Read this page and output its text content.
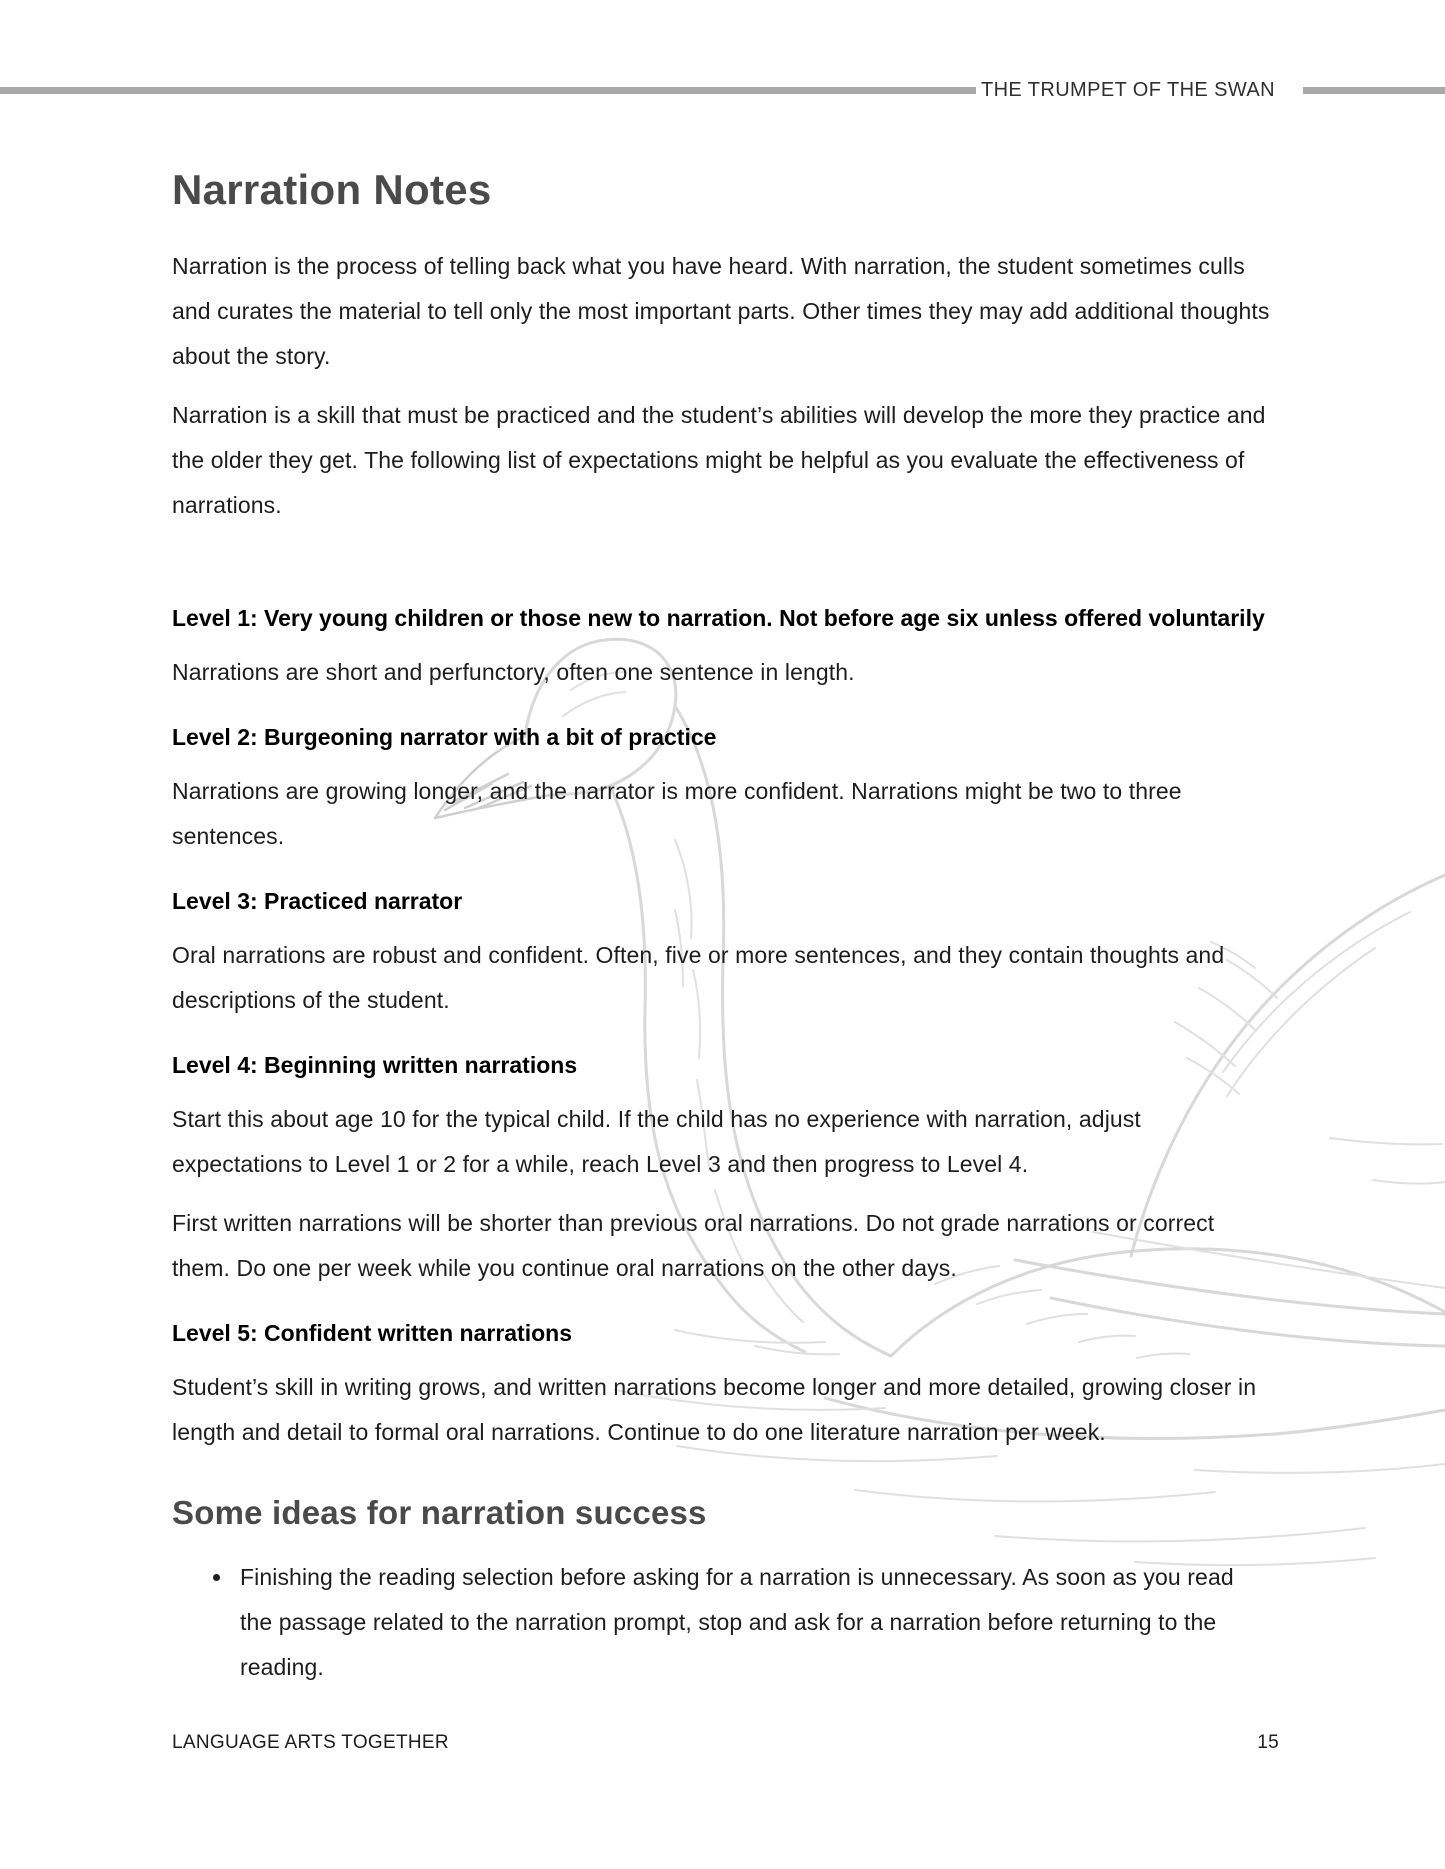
THE TRUMPET OF THE SWAN
Narration Notes

Narration is the process of telling back what you have heard. With narration, the student sometimes culls and curates the material to tell only the most important parts. Other times they may add additional thoughts about the story.

Narration is a skill that must be practiced and the student’s abilities will develop the more they practice and the older they get. The following list of expectations might be helpful as you evaluate the effectiveness of narrations.

Level 1: Very young children or those new to narration. Not before age six unless offered voluntarily

Narrations are short and perfunctory, often one sentence in length.

Level 2: Burgeoning narrator with a bit of practice

Narrations are growing longer, and the narrator is more confident. Narrations might be two to three sentences.

Level 3: Practiced narrator

Oral narrations are robust and confident. Often, five or more sentences, and they contain thoughts and descriptions of the student.

Level 4: Beginning written narrations

Start this about age 10 for the typical child. If the child has no experience with narration, adjust expectations to Level 1 or 2 for a while, reach Level 3 and then progress to Level 4.

First written narrations will be shorter than previous oral narrations. Do not grade narrations or correct them. Do one per week while you continue oral narrations on the other days.

Level 5: Confident written narrations

Student’s skill in writing grows, and written narrations become longer and more detailed, growing closer in length and detail to formal oral narrations. Continue to do one literature narration per week.

Some ideas for narration success
• Finishing the reading selection before asking for a narration is unnecessary. As soon as you read the passage related to the narration prompt, stop and ask for a narration before returning to the reading.
LANGUAGE ARTS TOGETHER	15
